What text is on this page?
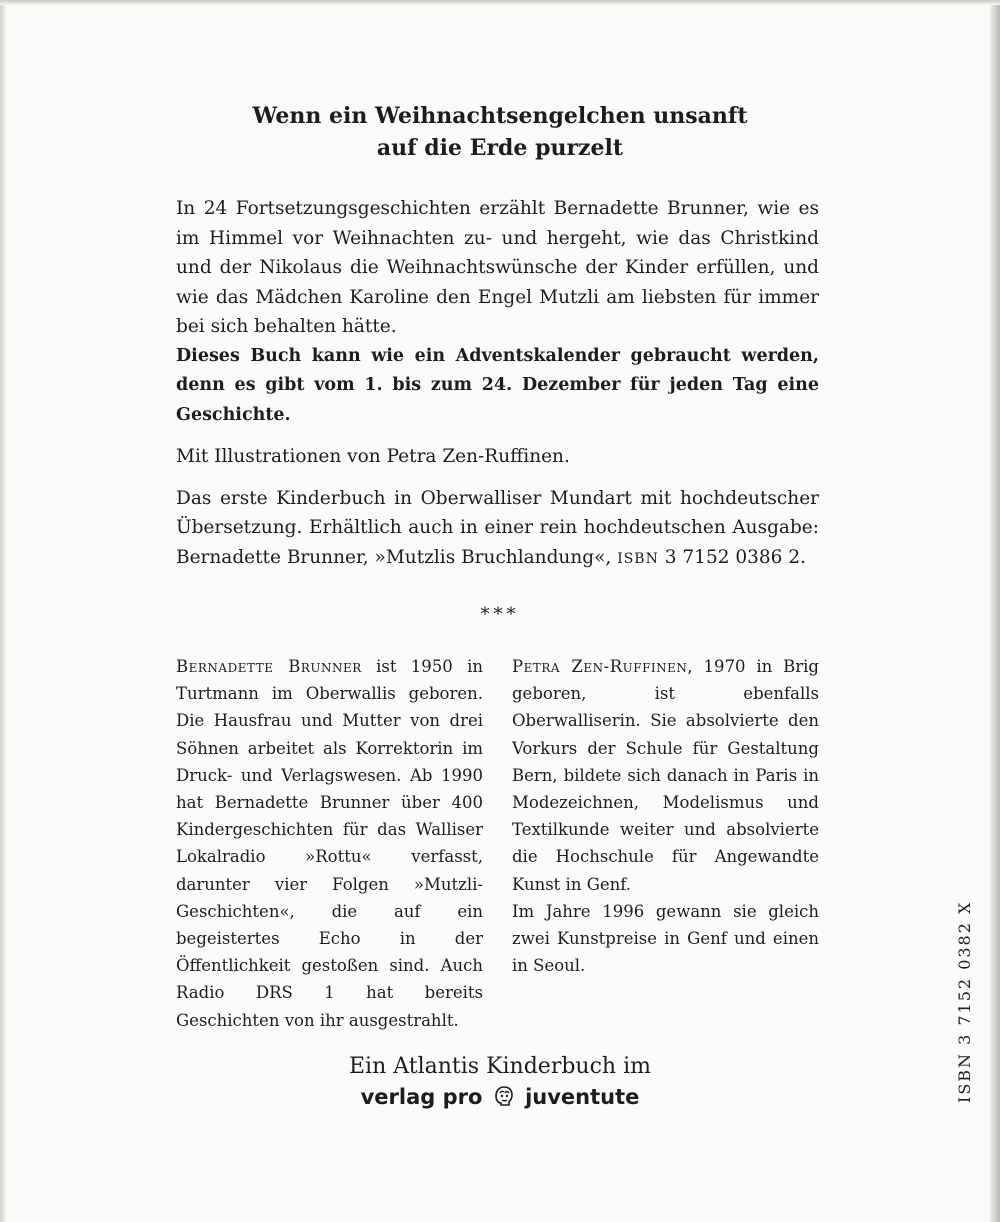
Wenn ein Weihnachtsengelchen unsanft
auf die Erde purzelt

In 24 Fortsetzungsgeschichten erzählt Bernadette Brunner, wie es im Himmel vor Weihnachten zu- und hergeht, wie das Christkind und der Nikolaus die Weihnachtswünsche der Kinder erfüllen, und wie das Mädchen Karoline den Engel Mutzli am liebsten für immer bei sich behalten hätte.

Dieses Buch kann wie ein Adventskalender gebraucht werden, denn es gibt vom 1. bis zum 24. Dezember für jeden Tag eine Geschichte.

Mit Illustrationen von Petra Zen-Ruffinen.

Das erste Kinderbuch in Oberwalliser Mundart mit hochdeutscher Übersetzung. Erhältlich auch in einer rein hochdeutschen Ausgabe: Bernadette Brunner, »Mutzlis Bruchlandung«, ISBN 3 7152 0386 2.

***

Bernadette Brunner ist 1950 in Turtmann im Oberwallis geboren. Die Hausfrau und Mutter von drei Söhnen arbeitet als Korrektorin im Druck- und Verlagswesen. Ab 1990 hat Bernadette Brunner über 400 Kindergeschichten für das Walliser Lokalradio »Rottu« verfasst, darunter vier Folgen »Mutzli-Geschichten«, die auf ein begeistertes Echo in der Öffentlichkeit gestoßen sind. Auch Radio DRS 1 hat bereits Geschichten von ihr ausgestrahlt.

Petra Zen-Ruffinen, 1970 in Brig geboren, ist ebenfalls Oberwalliserin. Sie absolvierte den Vorkurs der Schule für Gestaltung Bern, bildete sich danach in Paris in Modezeichnen, Modelismus und Textilkunde weiter und absolvierte die Hochschule für Angewandte Kunst in Genf.

Im Jahre 1996 gewann sie gleich zwei Kunstpreise in Genf und einen in Seoul.

Ein Atlantis Kinderbuch im
verlag pro juventute	ISBN 3 7152 0382 X
